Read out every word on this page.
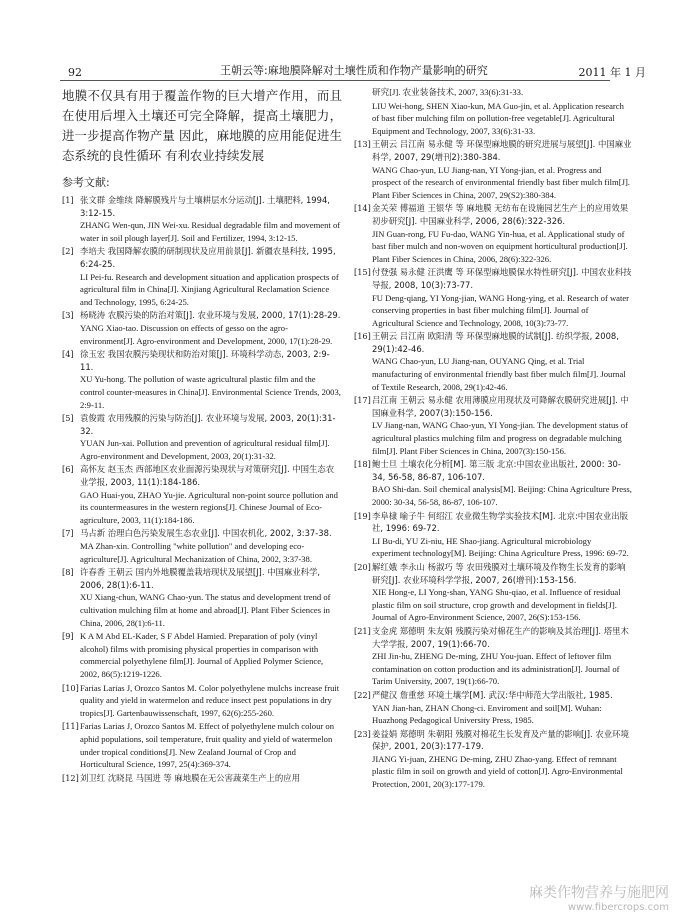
92	王朝云等:麻地膜降解对土壤性质和作物产量影响的研究	2011 年 1 月

地膜不仅具有用于覆盖作物的巨大增产作用，而且在使用后埋入土壤还可完全降解，提高土壤肥力，进一步提高作物产量 因此，麻地膜的应用能促进生态系统的良性循环 有利农业持续发展

参考文献:
[1] 张文群 金维续 降解膜残片与土壤耕层水分运动[J]. 土壤肥料, 1994, 3:12-15.
ZHANG Wen-qun, JIN Wei-xu. Residual degradable film and movement of water in soil plough layer[J]. Soil and Fertilizer, 1994, 3:12-15.
[2] 李培夫 我国降解农膜的研制现状及应用前景[J]. 新疆农垦科技, 1995, 6:24-25.
LI Pei-fu. Research and development situation and application prospects of agricultural film in China[J]. Xinjiang Agricultural Reclamation Science and Technology, 1995, 6:24-25.
[3] 杨晓涛 农膜污染的防治对策[J]. 农业环境与发展, 2000, 17(1):28-29.
YANG Xiao-tao. Discussion on effects of gesso on the agro-environment[J]. Agro-environment and Development, 2000, 17(1):28-29.
[4] 徐玉宏 我国农膜污染现状和防治对策[J]. 环境科学动态, 2003, 2:9-11.
XU Yu-hong. The pollution of waste agricultural plastic film and the control counter-measures in China[J]. Environmental Science Trends, 2003, 2:9-11.
[5] 袁俊霞 农用残膜的污染与防治[J]. 农业环境与发展, 2003, 20(1):31-32.
YUAN Jun-xai. Pollution and prevention of agricultural residual film[J]. Agro-environment and Development, 2003, 20(1):31-32.
[6] 高怀友 赵玉杰 西部地区农业面源污染现状与对策研究[J]. 中国生态农业学报, 2003, 11(1):184-186.
GAO Huai-you, ZHAO Yu-jie. Agricultural non-point source pollution and its countermeasures in the western regions[J]. Chinese Journal of Eco-agriculture, 2003, 11(1):184-186.
[7] 马占新 治理白色污染发展生态农业[J]. 中国农机化, 2002, 3:37-38.
MA Zhan-xin. Controlling "white pollution" and developing eco-agriculture[J]. Agricultural Mechanization of China, 2002, 3:37-38.
[8] 许春香 王朝云 国内外地膜覆盖栽培现状及展望[J]. 中国麻业科学, 2006, 28(1):6-11.
XU Xiang-chun, WANG Chao-yun. The status and development trend of cultivation mulching film at home and abroad[J]. Plant Fiber Sciences in China, 2006, 28(1):6-11.
[9] K A M Abd EL-Kader, S F Abdel Hamied. Preparation of poly (vinyl alcohol) films with promising physical properties in comparison with commercial polyethylene film[J]. Journal of Applied Polymer Science, 2002, 86(5):1219-1226.
[10] Farias Larias J, Orozco Santos M. Color polyethylene mulchs increase fruit quality and yield in watermelon and reduce insect pest populations in dry tropics[J]. Gartenbauwissenschaft, 1997, 62(6):255-260.
[11] Farias Larias J, Orozco Santos M. Effect of polyethylene mulch colour on aphid populations, soil temperature, fruit quality and yield of watermelon under tropical conditions[J]. New Zealand Journal of Crop and Horticultural Science, 1997, 25(4):369-374.
[12] 刘卫红 沈晓昆 马国进 等 麻地膜在无公害蔬菜生产上的应用
研究[J]. 农业装备技术, 2007, 33(6):31-33.
LIU Wei-hong, SHEN Xiao-kun, MA Guo-jin, et al. Application research of bast fiber mulching film on pollution-free vegetable[J]. Agricultural Equipment and Technology, 2007, 33(6):31-33.
[13] 王朝云 吕江南 易永健 等 环保型麻地膜的研究进展与展望[J]. 中国麻业科学, 2007, 29(增刊2):380-384.
WANG Chao-yun, LU Jiang-nan, YI Yong-jian, et al. Progress and prospect of the research of environmental friendly bast fiber mulch film[J]. Plant Fiber Sciences in China, 2007, 29(S2):380-384.
[14] 金关荣 傅福道 王银华 等 麻地膜 无纺布在设施园艺生产上的应用效果初步研究[J]. 中国麻业科学, 2006, 28(6):322-326.
JIN Guan-rong, FU Fu-dao, WANG Yin-hua, et al. Applicational study of bast fiber mulch and non-woven on equipment horticultural production[J]. Plant Fiber Sciences in China, 2006, 28(6):322-326.
[15] 付登强 易永健 汪洪鹰 等 环保型麻地膜保水特性研究[J]. 中国农业科技导报, 2008, 10(3):73-77.
FU Deng-qiang, YI Yong-jian, WANG Hong-ying, et al. Research of water conserving properties in bast fiber mulching film[J]. Journal of Agricultural Science and Technology, 2008, 10(3):73-77.
[16] 王朝云 吕江南 欧阳清 等 环保型麻地膜的试制[J]. 纺织学报, 2008, 29(1):42-46.
WANG Chao-yun, LU Jiang-nan, OUYANG Qing, et al. Trial manufacturing of environmental friendly bast fiber mulch film[J]. Journal of Textile Research, 2008, 29(1):42-46.
[17] 吕江南 王朝云 易永健 农用薄膜应用现状及可降解农膜研究进展[J]. 中国麻业科学, 2007(3):150-156.
LV Jiang-nan, WANG Chao-yun, YI Yong-jian. The development status of agricultural plastics mulching film and progress on degradable mulching film[J]. Plant Fiber Sciences in China, 2007(3):150-156.
[18] 鲍士旦 土壤农化分析[M]. 第三版 北京:中国农业出版社, 2000: 30-34, 56-58, 86-87, 106-107.
BAO Shi-dan. Soil chemical analysis[M]. Beijing: China Agriculture Press, 2000: 30-34, 56-58, 86-87, 106-107.
[19] 李阜棣 喻子牛 何绍江 农业微生物学实验技术[M]. 北京:中国农业出版社, 1996: 69-72.
LI Bu-di, YU Zi-niu, HE Shao-jiang. Agricultural microbiology experiment technology[M]. Beijing: China Agriculture Press, 1996: 69-72.
[20] 解红娥 李永山 杨淑巧 等 农田残膜对土壤环境及作物生长发育的影响研究[J]. 农业环境科学学报, 2007, 26(增刊):153-156.
XIE Hong-e, LI Yong-shan, YANG Shu-qiao, et al. Influence of residual plastic film on soil structure, crop growth and development in fields[J]. Journal of Agro-Environment Science, 2007, 26(S):153-156.
[21] 支金虎 郑德明 朱友娟 残膜污染对棉花生产的影响及其治理[J]. 塔里木大学学报, 2007, 19(1):66-70.
ZHI Jin-hu, ZHENG De-ming, ZHU You-juan. Effect of leftover film contamination on cotton production and its administration[J]. Journal of Tarim University, 2007, 19(1):66-70.
[22] 严健汉 詹重慈 环境土壤学[M]. 武汉:华中师范大学出版社, 1985.
YAN Jian-han, ZHAN Chong-ci. Enviroment and soil[M]. Wuhan: Huazhong Pedagogical University Press, 1985.
[23] 姜益娟 郑德明 朱朝阳 残膜对棉花生长发育及产量的影响[J]. 农业环境保护, 2001, 20(3):177-179.
JIANG Yi-juan, ZHENG De-ming, ZHU Zhao-yang. Effect of remnant plastic film in soil on growth and yield of cotton[J]. Agro-Environmental Protection, 2001, 20(3):177-179.
麻类作物营养与施肥网
www.fibercrops.com
